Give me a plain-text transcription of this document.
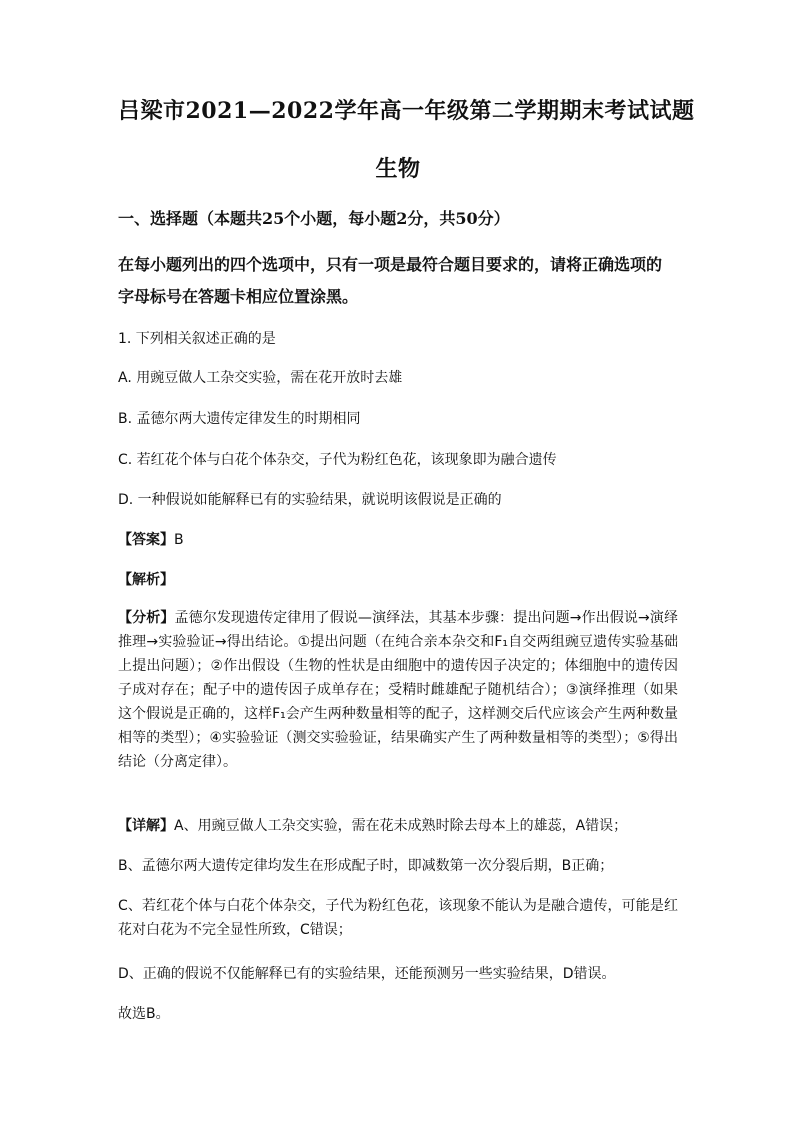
吕梁市2021—2022学年高一年级第二学期期末考试试题
生物
一、选择题（本题共25个小题，每小题2分，共50分）
在每小题列出的四个选项中，只有一项是最符合题目要求的，请将正确选项的
字母标号在答题卡相应位置涂黑。
1. 下列相关叙述正确的是
A. 用豌豆做人工杂交实验，需在花开放时去雄
B. 孟德尔两大遗传定律发生的时期相同
C. 若红花个体与白花个体杂交，子代为粉红色花，该现象即为融合遗传
D. 一种假说如能解释已有的实验结果，就说明该假说是正确的
【答案】B
【解析】
【分析】孟德尔发现遗传定律用了假说—演绎法，其基本步骤：提出问题→作出假说→演绎推理→实验验证→得出结论。①提出问题（在纯合亲本杂交和F₁自交两组豌豆遗传实验基础上提出问题）；②作出假设（生物的性状是由细胞中的遗传因子决定的；体细胞中的遗传因子成对存在；配子中的遗传因子成单存在；受精时雌雄配子随机结合）；③演绎推理（如果这个假说是正确的，这样F₁会产生两种数量相等的配子，这样测交后代应该会产生两种数量相等的类型）；④实验验证（测交实验验证，结果确实产生了两种数量相等的类型）；⑤得出结论（分离定律）。
【详解】A、用豌豆做人工杂交实验，需在花未成熟时除去母本上的雄蕊，A错误；
B、孟德尔两大遗传定律均发生在形成配子时，即减数第一次分裂后期，B正确；
C、若红花个体与白花个体杂交，子代为粉红色花，该现象不能认为是融合遗传，可能是红花对白花为不完全显性所致，C错误；
D、正确的假说不仅能解释已有的实验结果，还能预测另一些实验结果，D错误。
故选B。
